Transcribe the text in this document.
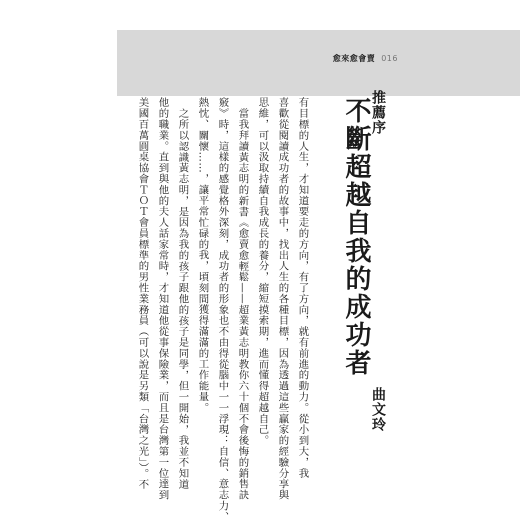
愈來愈會賣 016
推薦序
不斷超越自我的成功者
曲文玲
有目標的人生，才知道要走的方向，有了方向，就有前進的動力。從小到大，我
喜歡從閱讀成功者的故事中，找出人生的各種目標，因為透過這些贏家的經驗分享與
思維，可以汲取持續自我成長的養分，縮短摸索期，進而懂得超越自己。
當我拜讀黃志明的新書《愈賣愈輕鬆——超業黃志明教你六十個不會後悔的銷售訣
竅》時，這樣的感覺格外深刻，成功者的形象也不由得從腦中一一浮現：自信、意志力、
熱忱、關懷……，讓平常忙碌的我，頃刻間獲得滿滿的工作能量。
之所以認識黃志明，是因為我的孩子跟他的孩子是同學，但一開始，我並不知道
他的職業。直到與他的夫人話家常時，才知道他從事保險業，而且是台灣第一位達到
美國百萬圓桌協會ＴＯＴ會員標準的男性業務員（可以說是另類「台灣之光」）。不
